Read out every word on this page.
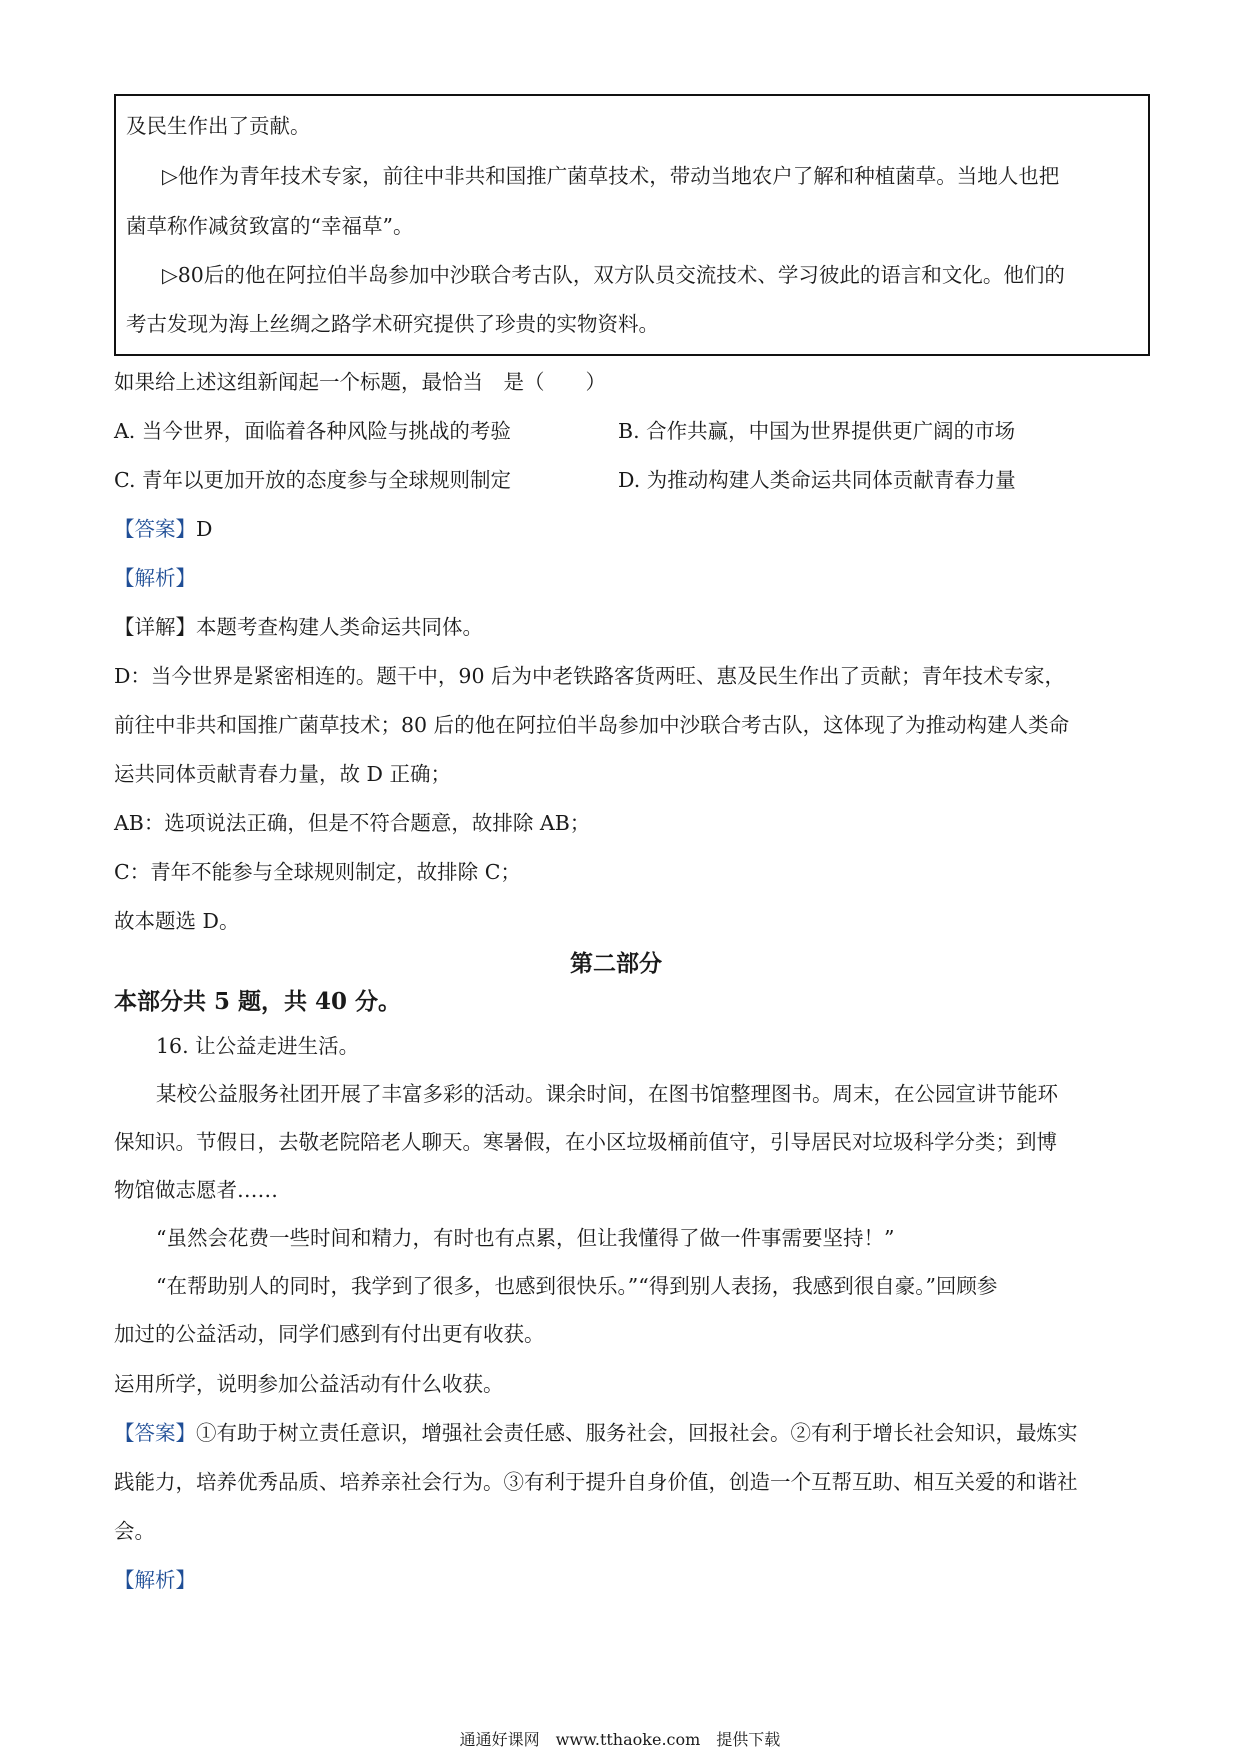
及民生作出了贡献。
▷他作为青年技术专家，前往中非共和国推广菌草技术，带动当地农户了解和种植菌草。当地人也把
菌草称作减贫致富的“幸福草”。
▷80后的他在阿拉伯半岛参加中沙联合考古队，双方队员交流技术、学习彼此的语言和文化。他们的
考古发现为海上丝绸之路学术研究提供了珍贵的实物资料。
如果给上述这组新闻起一个标题，最恰当　是（　　）
A. 当今世界，面临着各种风险与挑战的考验	B. 合作共赢，中国为世界提供更广阔的市场
C. 青年以更加开放的态度参与全球规则制定	D. 为推动构建人类命运共同体贡献青春力量
【答案】D
【解析】
【详解】本题考查构建人类命运共同体。
D：当今世界是紧密相连的。题干中，90 后为中老铁路客货两旺、惠及民生作出了贡献；青年技术专家，
前往中非共和国推广菌草技术；80 后的他在阿拉伯半岛参加中沙联合考古队，这体现了为推动构建人类命
运共同体贡献青春力量，故 D 正确；
AB：选项说法正确，但是不符合题意，故排除 AB；
C：青年不能参与全球规则制定，故排除 C；
故本题选 D。
第二部分
本部分共 5 题，共 40 分。
16. 让公益走进生活。
某校公益服务社团开展了丰富多彩的活动。课余时间，在图书馆整理图书。周末，在公园宣讲节能环
保知识。节假日，去敬老院陪老人聊天。寒暑假，在小区垃圾桶前值守，引导居民对垃圾科学分类；到博
物馆做志愿者……
“虽然会花费一些时间和精力，有时也有点累，但让我懂得了做一件事需要坚持！”
“在帮助别人的同时，我学到了很多，也感到很快乐。”“得到别人表扬，我感到很自豪。”回顾参
加过的公益活动，同学们感到有付出更有收获。
运用所学，说明参加公益活动有什么收获。
【答案】①有助于树立责任意识，增强社会责任感、服务社会，回报社会。②有利于增长社会知识，最炼实
践能力，培养优秀品质、培养亲社会行为。③有利于提升自身价值，创造一个互帮互助、相互关爱的和谐社
会。
【解析】
通通好课网　www.tthaoke.com　提供下载
